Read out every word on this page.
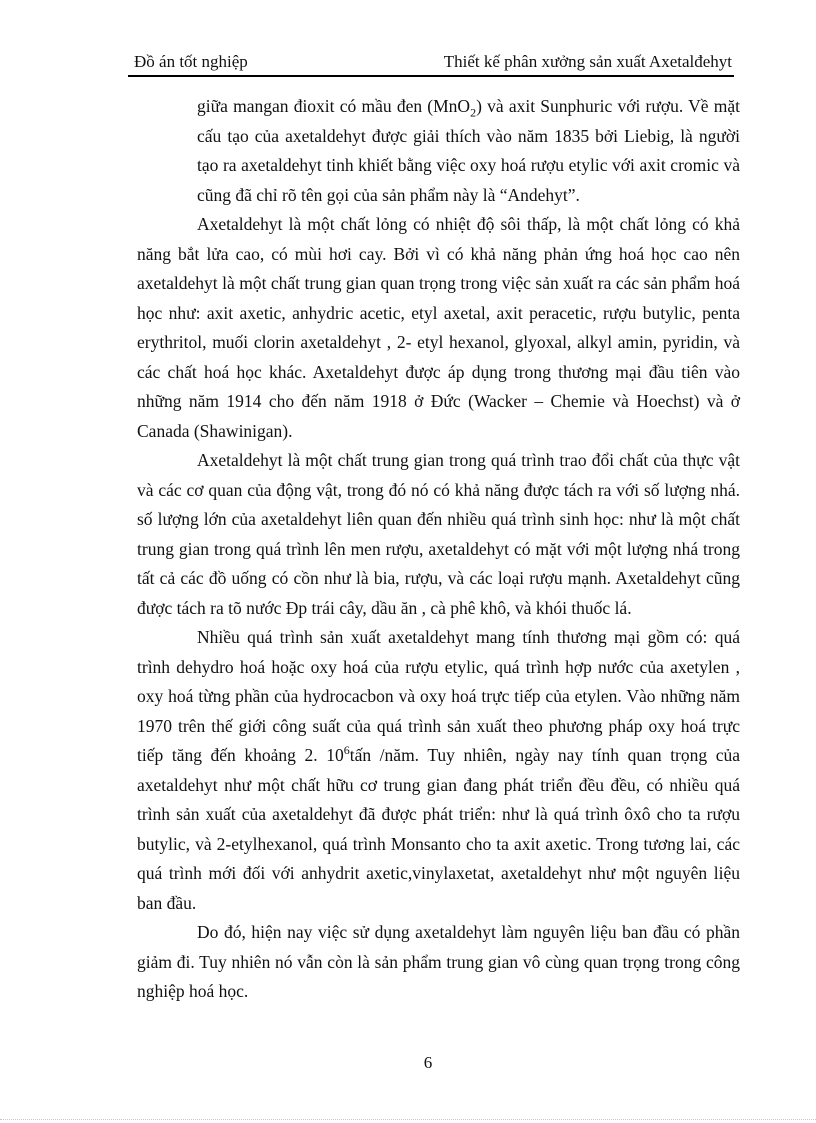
Đồ án tốt nghiệp	Thiết kế phân xưởng sản xuất Axetalđehyt

giữa mangan đioxit có mầu đen (MnO$_2$) và axit Sunphuric với rượu. Về mặt cấu tạo của axetaldehyt được giải thích vào năm 1835 bởi Liebig, là người tạo ra axetaldehyt tinh khiết bằng việc oxy hoá rượu etylic với axit cromic và cũng đã chỉ rõ tên gọi của sản phẩm này là “Andehyt”.

Axetaldehyt là một chất lỏng có nhiệt độ sôi thấp, là một chất lỏng có khả năng bắt lửa cao, có mùi hơi cay. Bởi vì có khả năng phản ứng hoá học cao nên axetaldehyt là một chất trung gian quan trọng trong việc sản xuất ra các sản phẩm hoá học như: axit axetic, anhydric acetic, etyl axetal, axit peracetic, rượu butylic, penta erythritol, muối clorin axetaldehyt , 2- etyl hexanol, glyoxal, alkyl amin, pyridin, và các chất hoá học khác. Axetaldehyt được áp dụng trong thương mại đầu tiên vào những năm 1914 cho đến năm 1918 ở Đức (Wacker – Chemie và Hoechst) và ở Canada (Shawinigan).

Axetaldehyt là một chất trung gian trong quá trình trao đổi chất của thực vật và các cơ quan của động vật, trong đó nó có khả năng được tách ra với số lượng nhá. số lượng lớn của axetaldehyt liên quan đến nhiều quá trình sinh học: như là một chất trung gian trong quá trình lên men rượu, axetaldehyt có mặt với một lượng nhá trong tất cả các đồ uống có cồn như là bia, rượu, và các loại rượu mạnh. Axetaldehyt cũng được tách ra tõ nước Ðp trái cây, dầu ăn , cà phê khô, và khói thuốc lá.

Nhiều quá trình sản xuất axetaldehyt mang tính thương mại gồm có: quá trình dehydro hoá hoặc oxy hoá của rượu etylic, quá trình hợp nước của axetylen , oxy hoá từng phần của hydrocacbon và oxy hoá trực tiếp của etylen. Vào những năm 1970 trên thế giới công suất của quá trình sản xuất theo phương pháp oxy hoá trực tiếp tăng đến khoảng 2. $10^6tấn$ /năm. Tuy nhiên, ngày nay tính quan trọng của axetaldehyt như một chất hữu cơ trung gian đang phát triển đều đều, có nhiều quá trình sản xuất của axetaldehyt đã được phát triển: như là quá trình ôxô cho ta rượu butylic, và 2-etylhexanol, quá trình Monsanto cho ta axit axetic. Trong tương lai, các quá trình mới đối với anhydrit axetic,vinylaxetat, axetaldehyt như một nguyên liệu ban đầu.

Do đó, hiện nay việc sử dụng axetaldehyt làm nguyên liệu ban đầu có phần giảm đi. Tuy nhiên nó vẫn còn là sản phẩm trung gian vô cùng quan trọng trong công nghiệp hoá học.

6
